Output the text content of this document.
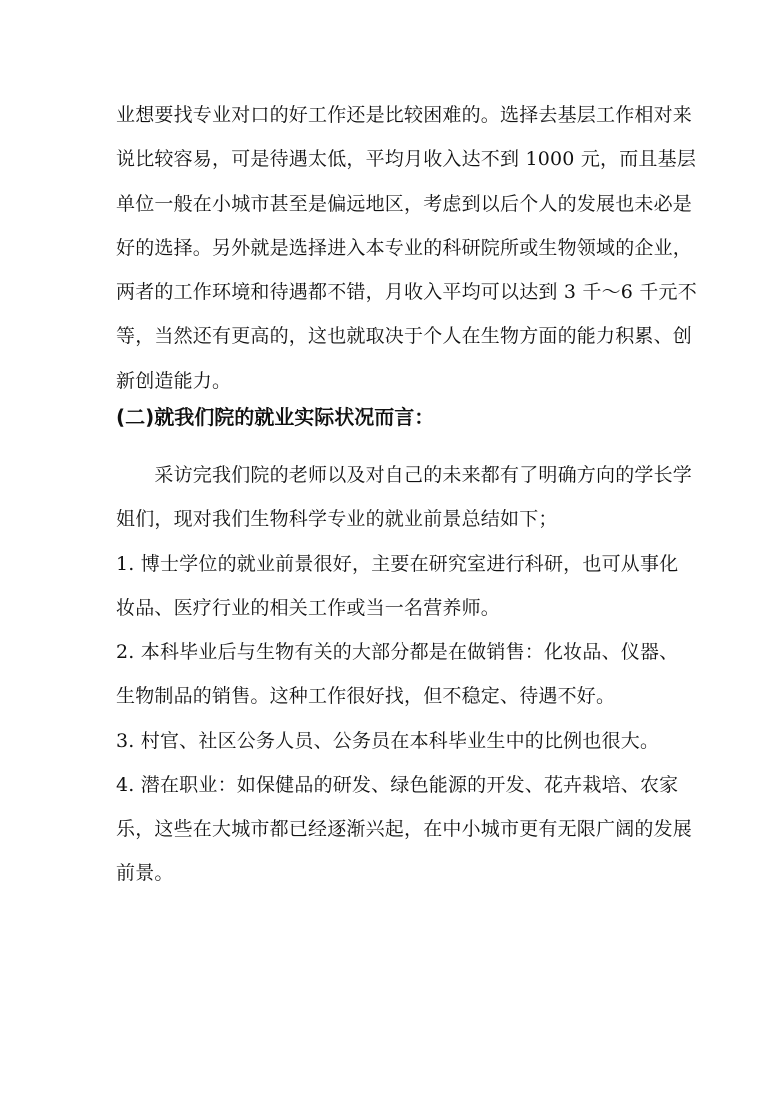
业想要找专业对口的好工作还是比较困难的。选择去基层工作相对来
说比较容易，可是待遇太低，平均月收入达不到 1000 元，而且基层
单位一般在小城市甚至是偏远地区，考虑到以后个人的发展也未必是
好的选择。另外就是选择进入本专业的科研院所或生物领域的企业，
两者的工作环境和待遇都不错，月收入平均可以达到 3 千～6 千元不
等，当然还有更高的，这也就取决于个人在生物方面的能力积累、创
新创造能力。
(二)就我们院的就业实际状况而言：
　　采访完我们院的老师以及对自己的未来都有了明确方向的学长学
姐们，现对我们生物科学专业的就业前景总结如下；
1. 博士学位的就业前景很好，主要在研究室进行科研，也可从事化
妆品、医疗行业的相关工作或当一名营养师。
2. 本科毕业后与生物有关的大部分都是在做销售：化妆品、仪器、
生物制品的销售。这种工作很好找，但不稳定、待遇不好。
3. 村官、社区公务人员、公务员在本科毕业生中的比例也很大。
4. 潜在职业：如保健品的研发、绿色能源的开发、花卉栽培、农家
乐，这些在大城市都已经逐渐兴起，在中小城市更有无限广阔的发展
前景。
